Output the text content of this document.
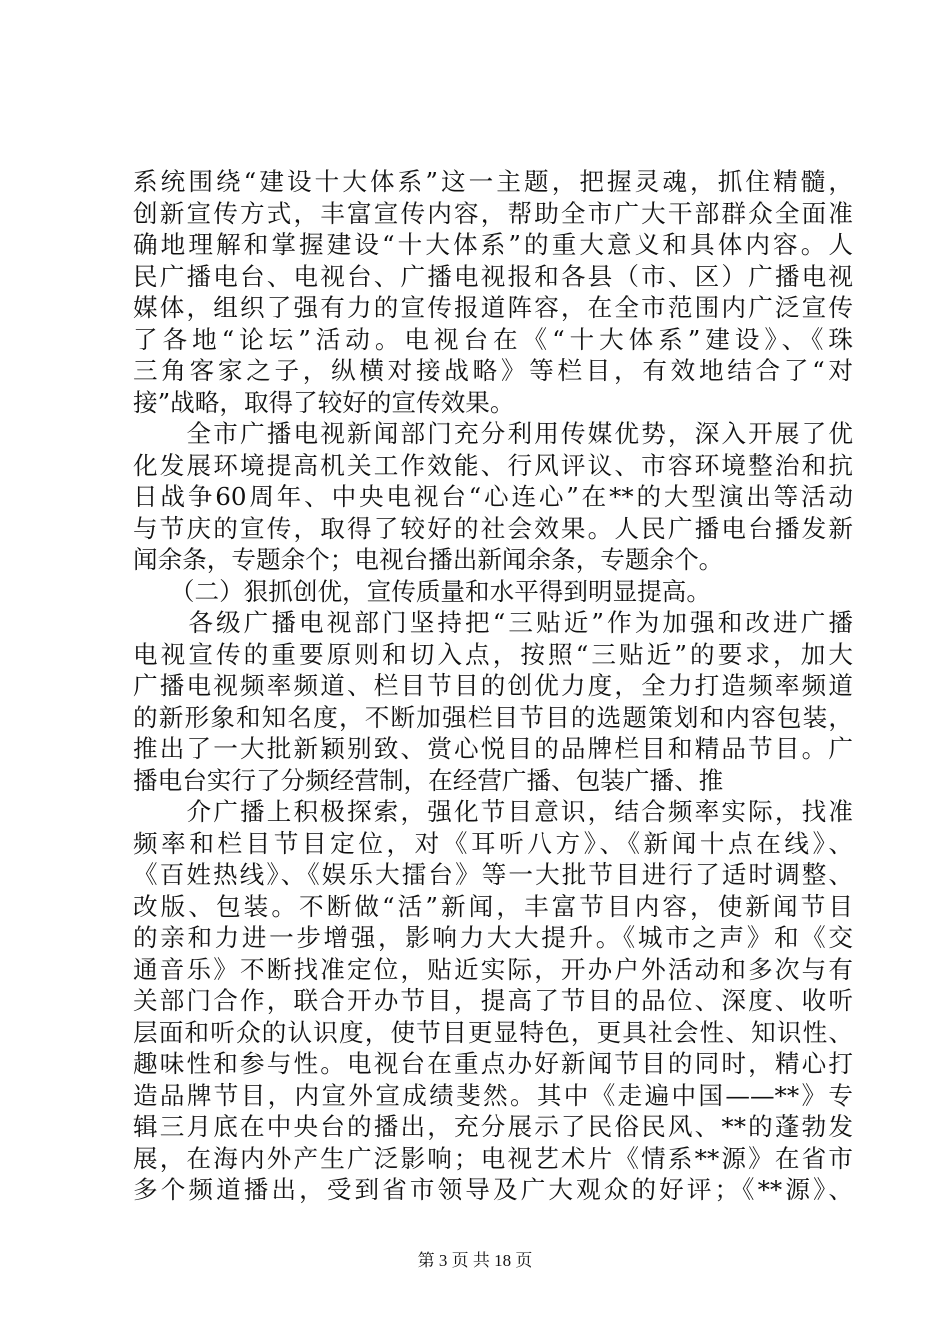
系统围绕“建设十大体系”这一主题，把握灵魂，抓住精髓，
创新宣传方式，丰富宣传内容，帮助全市广大干部群众全面准
确地理解和掌握建设“十大体系”的重大意义和具体内容。人
民广播电台、电视台、广播电视报和各县（市、区）广播电视
媒体，组织了强有力的宣传报道阵容，在全市范围内广泛宣传
了各地“论坛”活动。电视台在《“十大体系”建设》、《珠
三角客家之子，纵横对接战略》等栏目，有效地结合了“对
接”战略，取得了较好的宣传效果。
　　全市广播电视新闻部门充分利用传媒优势，深入开展了优
化发展环境提高机关工作效能、行风评议、市容环境整治和抗
日战争60周年、中央电视台“心连心”在**的大型演出等活动
与节庆的宣传，取得了较好的社会效果。人民广播电台播发新
闻余条，专题余个；电视台播出新闻余条，专题余个。
　　（二）狠抓创优，宣传质量和水平得到明显提高。
　　各级广播电视部门坚持把“三贴近”作为加强和改进广播
电视宣传的重要原则和切入点，按照“三贴近”的要求，加大
广播电视频率频道、栏目节目的创优力度，全力打造频率频道
的新形象和知名度，不断加强栏目节目的选题策划和内容包装，
推出了一大批新颖别致、赏心悦目的品牌栏目和精品节目。广
播电台实行了分频经营制，在经营广播、包装广播、推
　　介广播上积极探索，强化节目意识，结合频率实际，找准
频率和栏目节目定位，对《耳听八方》、《新闻十点在线》、
《百姓热线》、《娱乐大擂台》等一大批节目进行了适时调整、
改版、包装。不断做“活”新闻，丰富节目内容，使新闻节目
的亲和力进一步增强，影响力大大提升。《城市之声》和《交
通音乐》不断找准定位，贴近实际，开办户外活动和多次与有
关部门合作，联合开办节目，提高了节目的品位、深度、收听
层面和听众的认识度，使节目更显特色，更具社会性、知识性、
趣味性和参与性。电视台在重点办好新闻节目的同时，精心打
造品牌节目，内宣外宣成绩斐然。其中《走遍中国——**》专
辑三月底在中央台的播出，充分展示了民俗民风、**的蓬勃发
展，在海内外产生广泛影响；电视艺术片《情系**源》在省市
多个频道播出，受到省市领导及广大观众的好评；《**源》、
第 3 页 共 18 页
